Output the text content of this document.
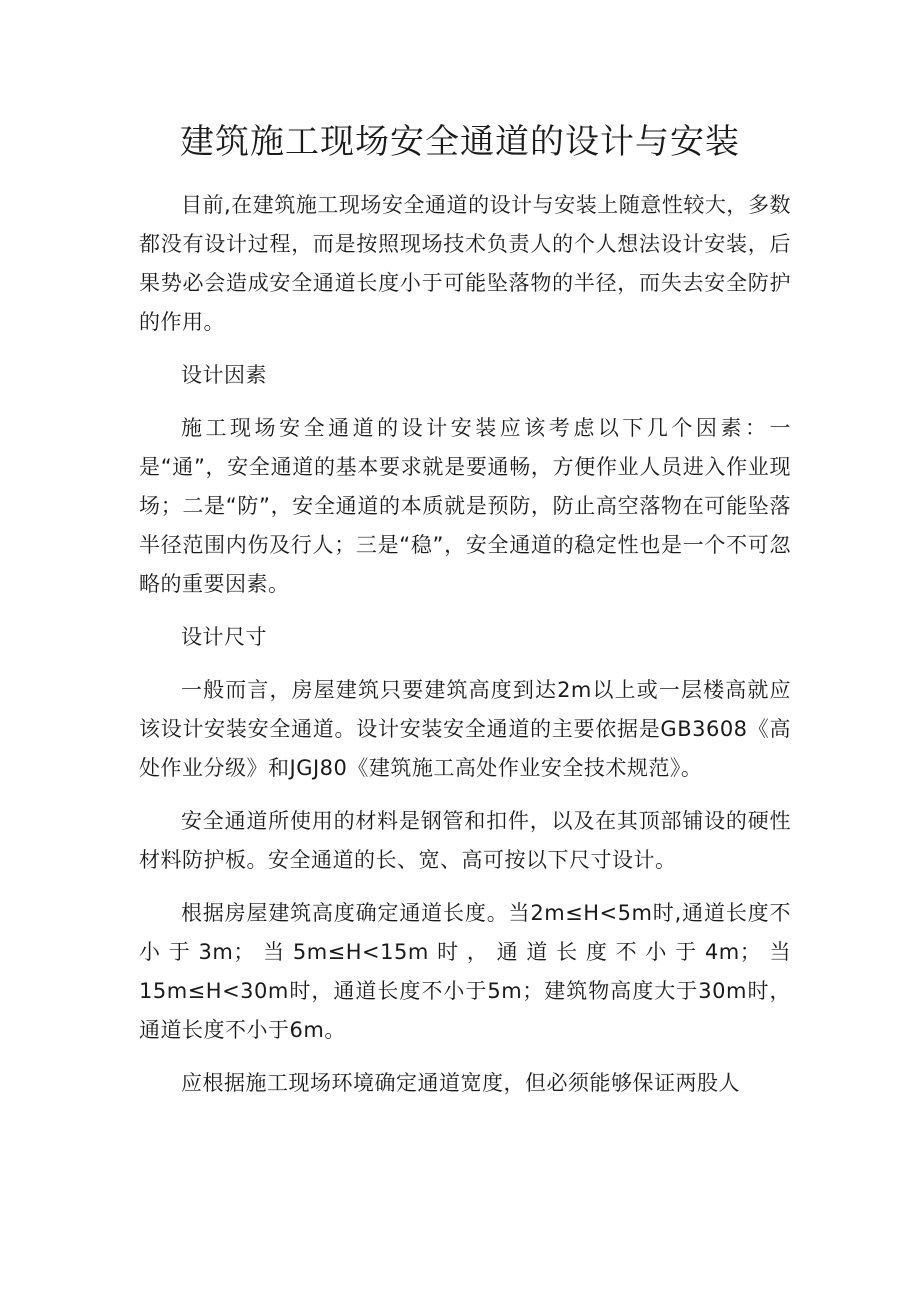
建筑施工现场安全通道的设计与安装

目前,在建筑施工现场安全通道的设计与安装上随意性较大，多数都没有设计过程，而是按照现场技术负责人的个人想法设计安装，后果势必会造成安全通道长度小于可能坠落物的半径，而失去安全防护的作用。

设计因素

施工现场安全通道的设计安装应该考虑以下几个因素：一是“通”，安全通道的基本要求就是要通畅，方便作业人员进入作业现场；二是“防”，安全通道的本质就是预防，防止高空落物在可能坠落半径范围内伤及行人；三是“稳”，安全通道的稳定性也是一个不可忽略的重要因素。

设计尺寸

一般而言，房屋建筑只要建筑高度到达2m以上或一层楼高就应该设计安装安全通道。设计安装安全通道的主要依据是GB3608《高处作业分级》和JGJ80《建筑施工高处作业安全技术规范》。

安全通道所使用的材料是钢管和扣件，以及在其顶部铺设的硬性材料防护板。安全通道的长、宽、高可按以下尺寸设计。

根据房屋建筑高度确定通道长度。当2m≤H<5m时,通道长度不小于3m；当5m≤H<15m时，通道长度不小于4m；当15m≤H<30m时，通道长度不小于5m；建筑物高度大于30m时，通道长度不小于6m。

应根据施工现场环境确定通道宽度，但必须能够保证两股人
